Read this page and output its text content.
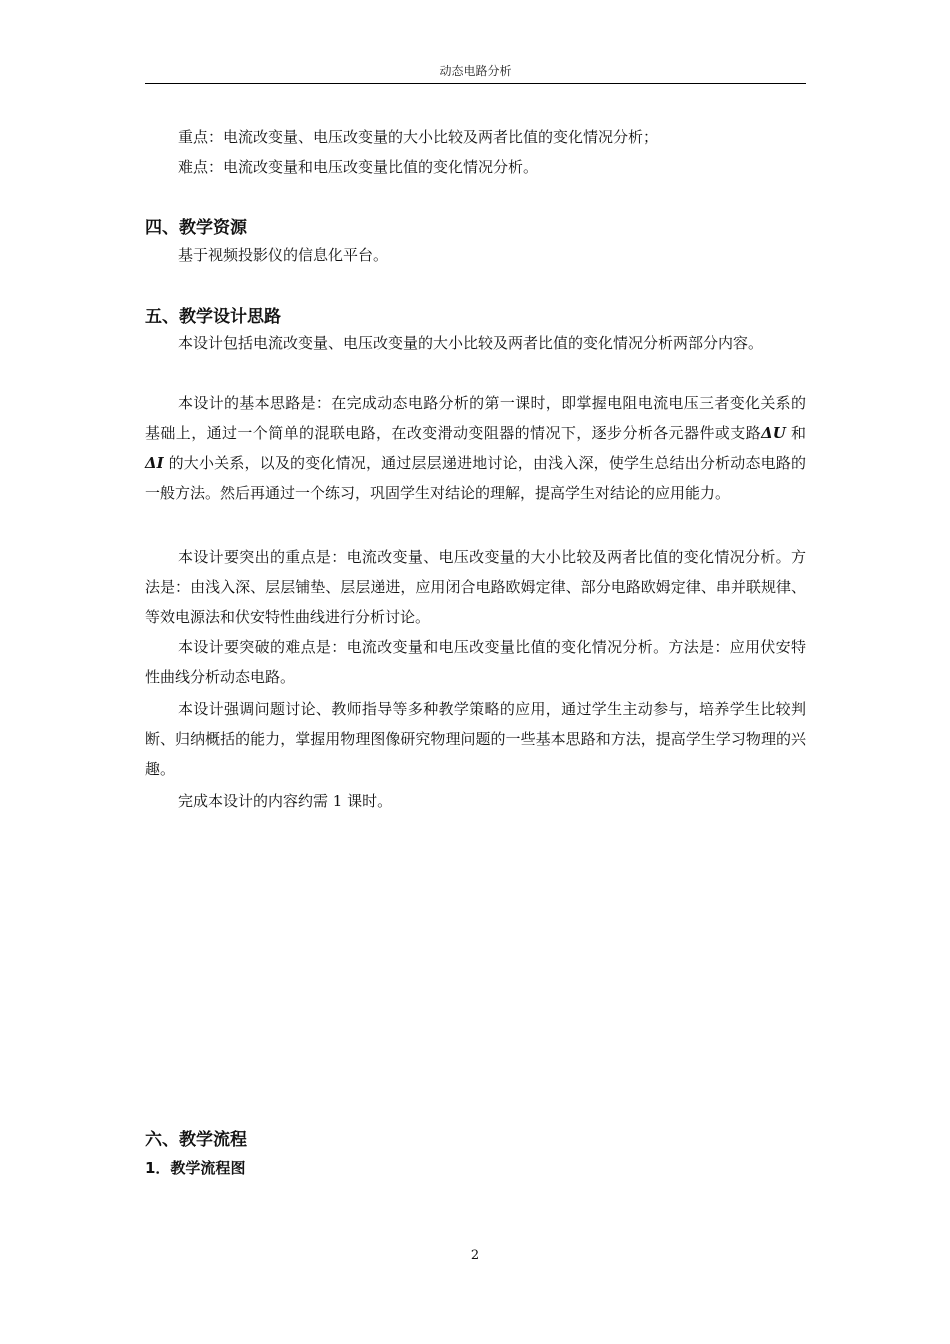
动态电路分析

重点：电流改变量、电压改变量的大小比较及两者比值的变化情况分析；

难点：电流改变量和电压改变量比值的变化情况分析。

四、教学资源

基于视频投影仪的信息化平台。

五、教学设计思路

本设计包括电流改变量、电压改变量的大小比较及两者比值的变化情况分析两部分内容。

本设计的基本思路是：在完成动态电路分析的第一课时，即掌握电阻电流电压三者变化关系的基础上，通过一个简单的混联电路，在改变滑动变阻器的情况下，逐步分析各元器件或支路ΔU 和 ΔI 的大小关系，以及的变化情况，通过层层递进地讨论，由浅入深，使学生总结出分析动态电路的一般方法。然后再通过一个练习，巩固学生对结论的理解，提高学生对结论的应用能力。

本设计要突出的重点是：电流改变量、电压改变量的大小比较及两者比值的变化情况分析。方法是：由浅入深、层层铺垫、层层递进，应用闭合电路欧姆定律、部分电路欧姆定律、串并联规律、等效电源法和伏安特性曲线进行分析讨论。

本设计要突破的难点是：电流改变量和电压改变量比值的变化情况分析。方法是：应用伏安特性曲线分析动态电路。

本设计强调问题讨论、教师指导等多种教学策略的应用，通过学生主动参与，培养学生比较判断、归纳概括的能力，掌握用物理图像研究物理问题的一些基本思路和方法，提高学生学习物理的兴趣。

完成本设计的内容约需 1 课时。

六、教学流程
1．教学流程图
2
